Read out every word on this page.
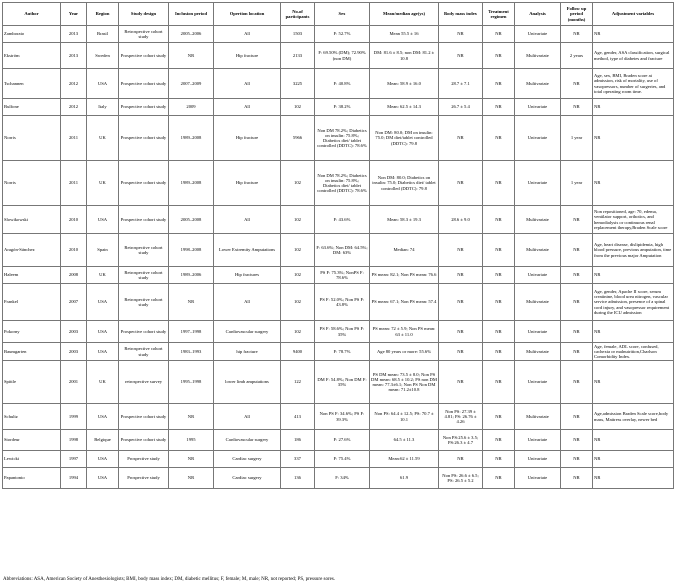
Author	Year	Region	Study design	Inclusion period	Opertion location	No.of participants	Sex	Mean/median age(ys)	Body mass index	Treatment regimen	Analysis	Follow up period (months)	Adjustment variables
Zamborato	2013	Brasil	Retrospective cohort study	2005–2006	All	1503	F: 52.7%	Mean 55.5 ± 16	NR	NR	Univariate	NR	NR
Ekström	2013	Sweden	Prospective cohort study	NR	Hip fracture	2133	F: 69.50% (DM); 72.90% (non DM)	DM: 81.6 ± 8.5; non DM: 81.2 ± 10.8	NR	NR	Multivariate	2 years	Age, gender, ASA classification, surgical method, type of diabetes and fracture
Tschannen	2012	USA	Prospective cohort study	2007–2009	All	3225	F: 40.8%	Mean: 58.9 ± 16.0	28.7 ± 7.1	NR	Multivariate	NR	Age, sex, BMI, Braden score at admission, risk of mortality, use of vasopressors, number of surgeries, and total operating room time.
Bulfone	2012	Italy	Prospective cohort study	2009	All	102	F: 38.2%	Mean: 62.5 ± 14.3	26.7 ± 5.4	NR	Univariate	NR	NR
Norris	2011	UK	Prospective cohort study	1989–2008	Hip fracture	5966	Non DM 78.2%; Diabetics on insulin: 75.8%; Diabetics diet/ tablet controlled (DDTC): 78.6%	Non DM: 80.0; DM on insulin: 75.0; DM diet/tablet controlled (DDTC): 79.8	NR	NR	Univariate	1 year	NR
Norris	2011	UK	Prospective cohort study	1989–2008	Hip fracture	102	Non DM 78.2%; Diabetics on insulin: 75.8%; Diabetics diet/ tablet controlled (DDTC): 78.6%	Non DM: 80.0; Diabetics on insulin: 75.0; Diabetics diet/ tablet controlled (DDTC): 79.8	NR	NR	Univariate	1 year	NR
Slowikowski	2010	USA	Prospective cohort study	2005–2008	All	102	F: 43.6%	Mean: 58.3 ± 19.3	28.6 ± 9.0	NR	Multivariate	NR	Non repositioned, age: 70, edema, ventilator support, orthotics, and hemodialysis or continuous renal replacement therapy,Braden Scale score
Aragón-Sánchez	2010	Spain	Retrospective cohort study	1998–2008	Lower Extremity Amputations	102	F: 63.6%; Non DM: 64.5%; DM: 63%	Median: 74	NR	NR	Multivariate	NR	Age, heart disease, dislipidemia, high blood pressure, previous amputation, time from the previous major Amputation
Haleem	2008	UK	Retrospective cohort study	1989–2006	Hip fractures	102	PS F: 75.3%; NonPS F: 78.6%	PS mean: 82.1; Non PS mean: 76.6	NR	NR	Univariate	NR	NR
Frankel	2007	USA	Retrospective cohort study	NR	All	102	PS F: 52.0%; Non PS F: 43.8%	PS mean: 67.1; Non PS mean: 57.4	NR	NR	Multivariate	NR	Age, gender, Apache II score, serum creatinine, blood urea nitrogen, vascular service admission, presence of a spinal cord injury, and vasopressor requirement during the ICU admission
Pokorny	2003	USA	Prospective cohort study	1997–1998	Cardiovascular surgery	102	PS F: 58.6%; Non PS F: 35%	PS mean: 72 ± 5.9; Non PS mean: 63 ± 11.0	NR	NR	Univariate	NR	NR
Baumgarten	2003	USA	Retrospective cohort study	1983–1993	hip fracture	9400	F: 78.7%	Age 80 years or more: 55.6%	NR	NR	Multivariate	NR	Age, female, ADL score, confused, cachexia or malnutrition,Charlson Comorbidity Index.
Spittle	2001	UK	retrospective survey	1995–1998	lower limb amputations	122	DM F: 54.8%; Non DM F: 35%	PS DM mean: 73.5 ± 8.0; Non PS DM mean: 68.5 ± 10.2; PS non DM mean: 77.3±6.1; Non PS Non DM mean: 71.2±10.8	NR	NR	Univariate	NR	NR
Schultz	1999	USA	Prospective cohort study	NR	All	413	Non PS F: 34.6%; PS F: 39.3%	Non PS: 64.4 ± 12.5; PS: 70.7 ± 10.1	Non PS: 27.39 ± 4.81; PS: 26.76 ± 4.26	NR	Multivariate	NR	Age,admission Braden Scale score,body mass, Mattress overlay, newer bed
Stordeur	1998	Belgique	Prospective cohort study	1995	Cardiovascular surgery	186	F: 27.6%	64.5 ± 11.3	Non PS:25.6 ± 3.5; PS:26.3 ± 4.7	NR	Univariate	NR	NR
Lewicki	1997	USA	Prospective study	NR	Cardiac surgery	337	F: 75.4%	Mean:62 ± 11.59	NR	NR	Univariate	NR	NR
Papantonio	1994	USA	Prospective study	NR	Cardiac surgery	136	F: 34%	61.9	Non PS: 26.6 ± 6.5; PS: 26.5 ± 5.2	NR	Univariate	NR	NR
Abbreviations: ASA, American Society of Anesthesiologists; BMI, body mass index; DM, diabetic mellitus; F, female; M, male; NR, not reported; PS, pressure sores.
